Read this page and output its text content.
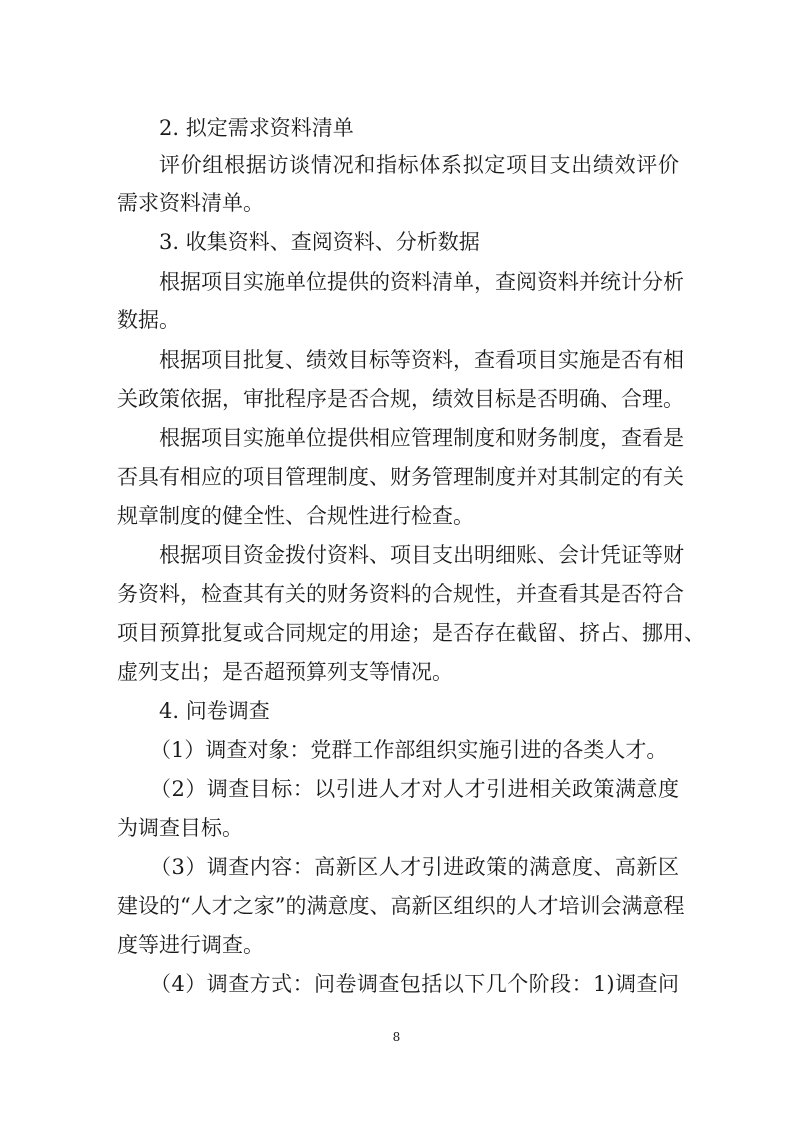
2. 拟定需求资料清单

评价组根据访谈情况和指标体系拟定项目支出绩效评价

需求资料清单。

3. 收集资料、查阅资料、分析数据

根据项目实施单位提供的资料清单，查阅资料并统计分析

数据。

根据项目批复、绩效目标等资料，查看项目实施是否有相

关政策依据，审批程序是否合规，绩效目标是否明确、合理。

根据项目实施单位提供相应管理制度和财务制度，查看是

否具有相应的项目管理制度、财务管理制度并对其制定的有关

规章制度的健全性、合规性进行检查。

根据项目资金拨付资料、项目支出明细账、会计凭证等财

务资料，检查其有关的财务资料的合规性，并查看其是否符合

项目预算批复或合同规定的用途；是否存在截留、挤占、挪用、

虚列支出；是否超预算列支等情况。

4. 问卷调查

（1）调查对象：党群工作部组织实施引进的各类人才。

（2）调查目标：以引进人才对人才引进相关政策满意度

为调查目标。

（3）调查内容：高新区人才引进政策的满意度、高新区

建设的“人才之家”的满意度、高新区组织的人才培训会满意程

度等进行调查。

（4）调查方式：问卷调查包括以下几个阶段：1)调查问

8
